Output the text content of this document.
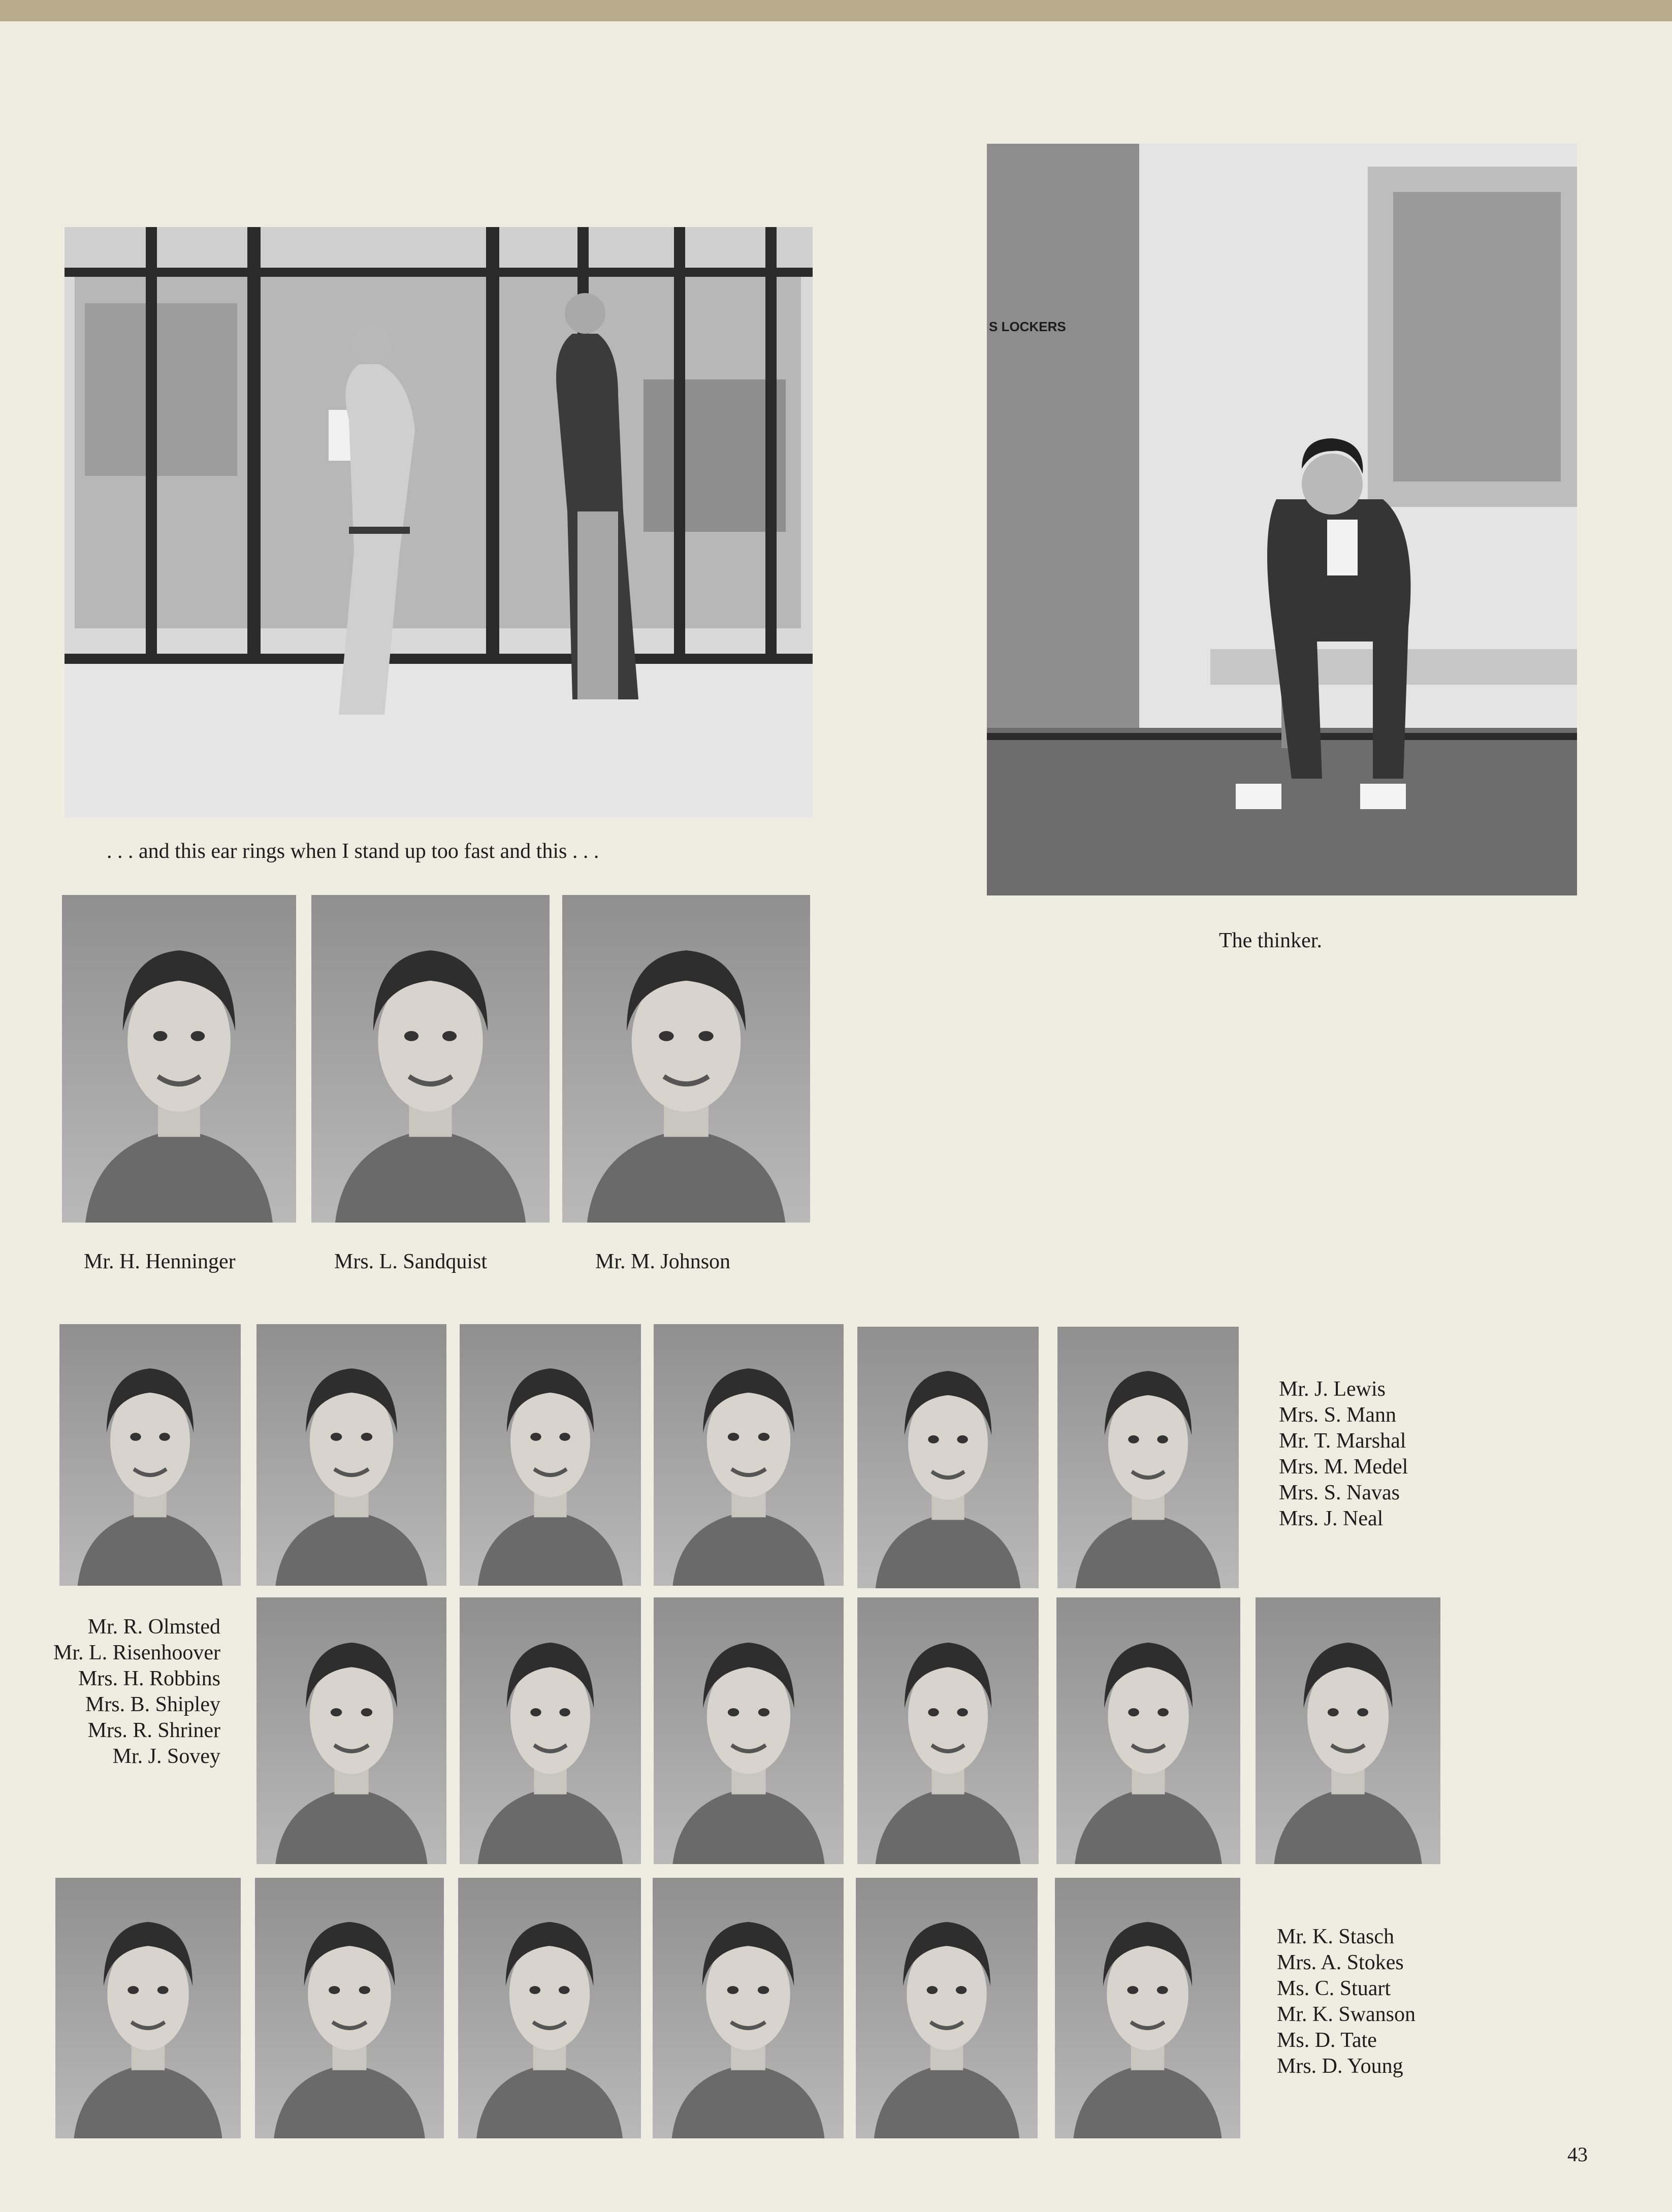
. . . and this ear rings when I stand up too fast and this . . .
S LOCKERS
The thinker.
Mr. H. Henninger	Mrs. L. Sandquist	Mr. M. Johnson
Mr. J. Lewis
Mrs. S. Mann
Mr. T. Marshal
Mrs. M. Medel
Mrs. S. Navas
Mrs. J. Neal
Mr. R. Olmsted
Mr. L. Risenhoover
Mrs. H. Robbins
Mrs. B. Shipley
Mrs. R. Shriner
Mr. J. Sovey
Mr. K. Stasch
Mrs. A. Stokes
Ms. C. Stuart
Mr. K. Swanson
Ms. D. Tate
Mrs. D. Young
43
